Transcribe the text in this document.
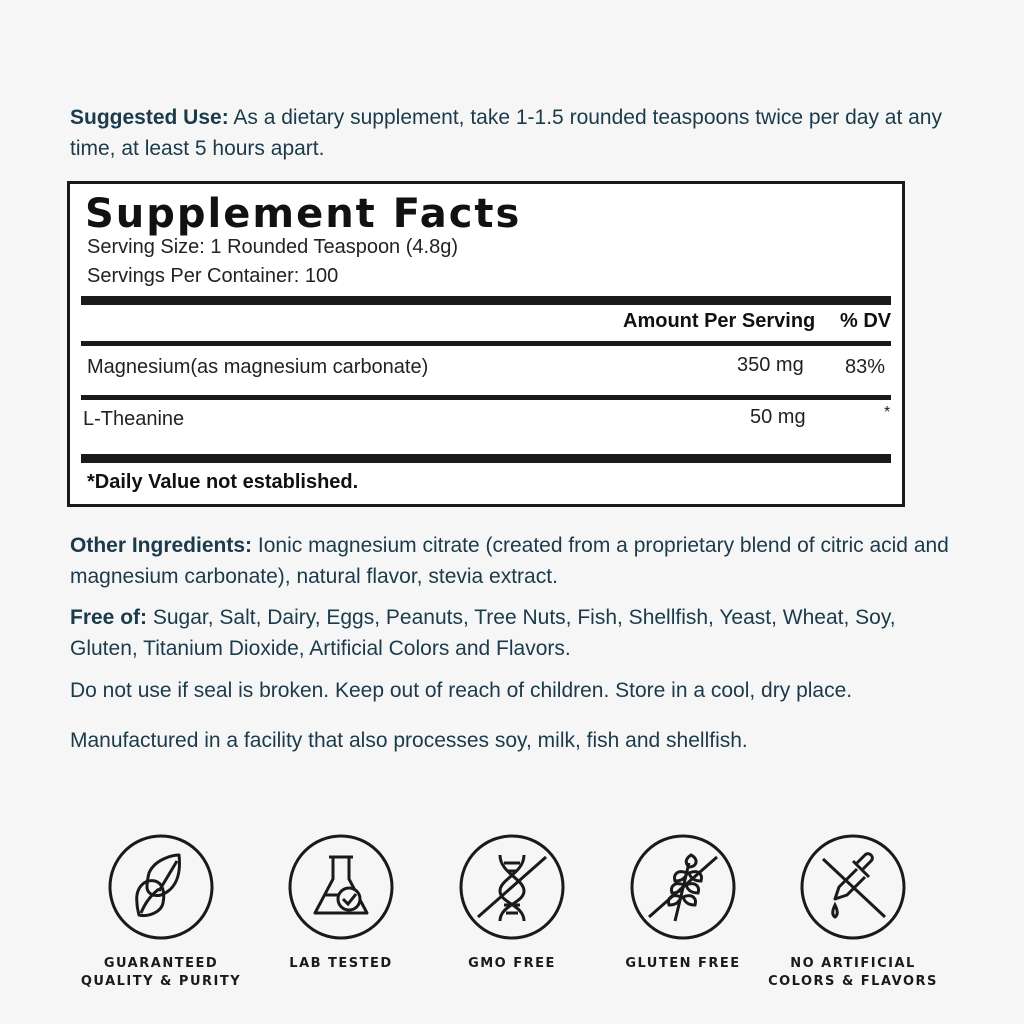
Suggested Use: As a dietary supplement, take 1-1.5 rounded teaspoons twice per day at any time, at least 5 hours apart.
Supplement Facts
Serving Size: 1 Rounded Teaspoon (4.8g)
Servings Per Container: 100
Amount Per Serving % DV
Magnesium(as magnesium carbonate)	350 mg 83%
L-Theanine	50 mg	*
*Daily Value not established.
Other Ingredients: Ionic magnesium citrate (created from a proprietary blend of citric acid and magnesium carbonate), natural flavor, stevia extract.
Free of: Sugar, Salt, Dairy, Eggs, Peanuts, Tree Nuts, Fish, Shellfish, Yeast, Wheat, Soy, Gluten, Titanium Dioxide, Artificial Colors and Flavors.
Do not use if seal is broken. Keep out of reach of children. Store in a cool, dry place.
Manufactured in a facility that also processes soy, milk, fish and shellfish.
GUARANTEED
QUALITY & PURITY
LAB TESTED	GMO FREE	GLUTEN FREE	NO ARTIFICIAL
COLORS & FLAVORS
